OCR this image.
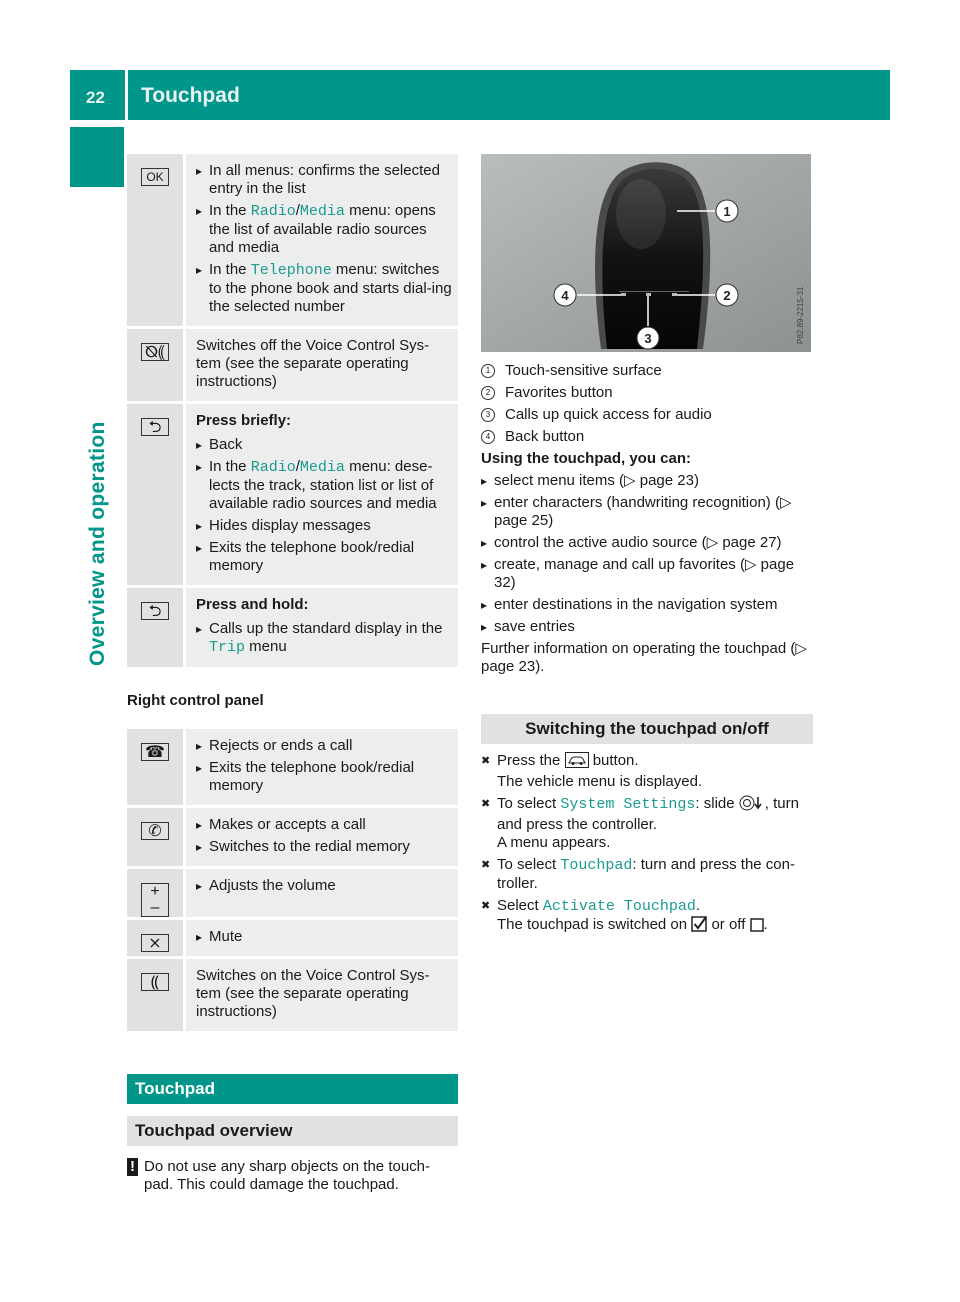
22 Touchpad
Overview and operation
OK	▸ In all menus: confirms the selected entry in the list
▸ In the Radio/Media menu: opens the list of available radio sources and media
▸ In the Telephone menu: switches to the phone book and starts dial-ing the selected number
⦰⸨ Switches off the Voice Control Sys-tem (see the separate operating instructions)
⮌	Press briefly:
▸ Back
▸ In the Radio/Media menu: dese-lects the track, station list or list of available radio sources and media
▸ Hides display messages
▸ Exits the telephone book/redial memory
⮌	Press and hold:
▸ Calls up the standard display in the Trip menu
Right control panel
☎	▸ Rejects or ends a call
▸ Exits the telephone book/redial memory
✆	▸ Makes or accepts a call
▸ Switches to the redial memory
+
–
▸ Adjusts the volume
⨯	▸ Mute
⸨	Switches on the Voice Control Sys-tem (see the separate operating instructions)
Touchpad
Touchpad overview
! Do not use any sharp objects on the touch-pad. This could damage the touchpad.
1
2
3
4	P82.89-2215-31
1 Touch-sensitive surface
2 Favorites button
3 Calls up quick access for audio
4 Back button
Using the touchpad, you can:
▸ select menu items (▷ page 23)
▸ enter characters (handwriting recognition) (▷ page 25)
▸ control the active audio source (▷ page 27)
▸ create, manage and call up favorites (▷ page 32)
▸ enter destinations in the navigation system
▸ save entries
Further information on operating the touchpad (▷ page 23).
Switching the touchpad on/off
✖ Press the  button.
The vehicle menu is displayed.
✖ To select System Settings: slide , turn and press the controller.
A menu appears.
✖ To select Touchpad: turn and press the con-troller.
✖ Select Activate Touchpad.
The touchpad is switched on  or off .
